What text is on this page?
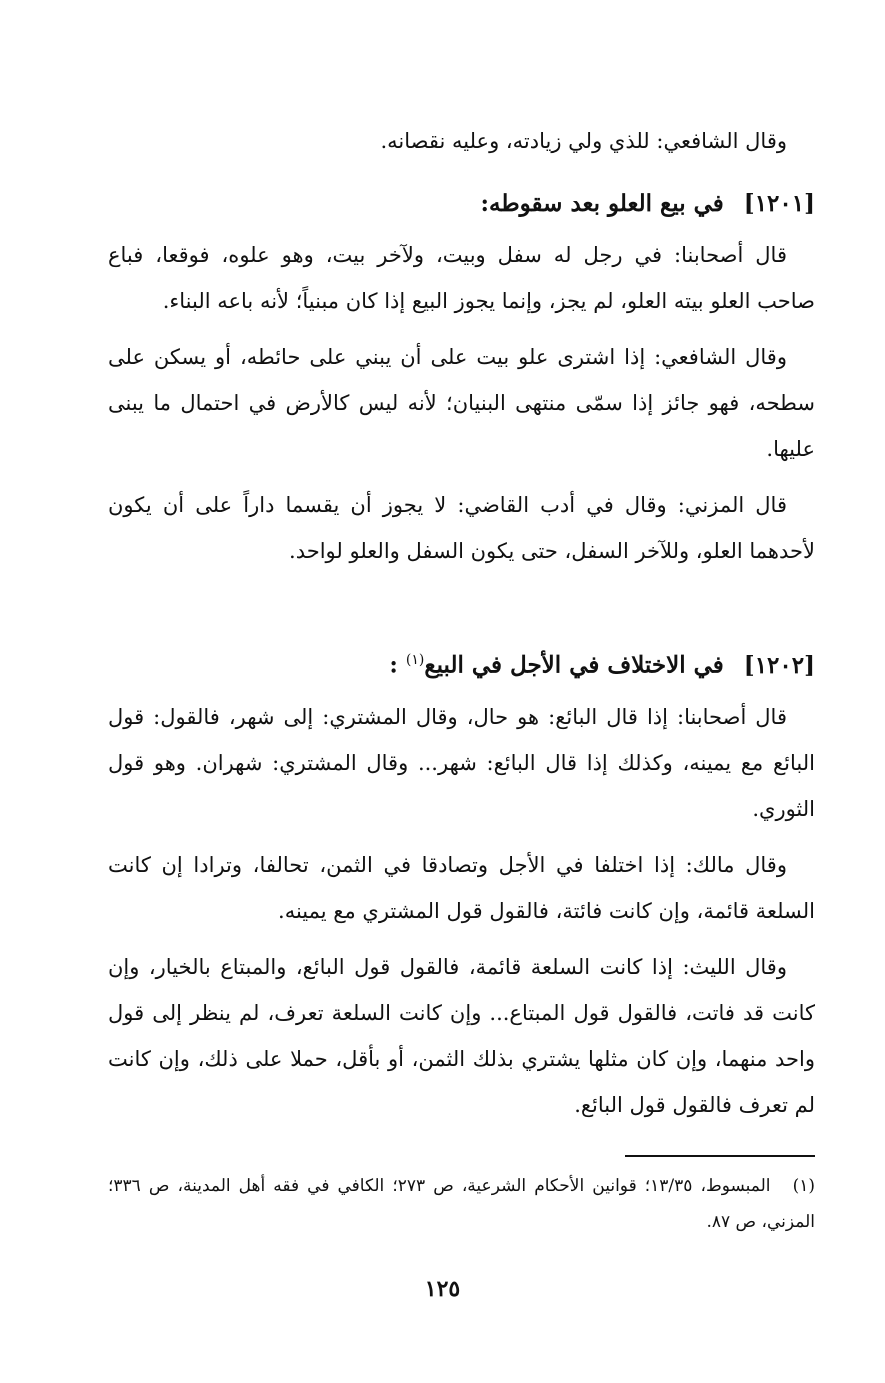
وقال الشافعي: للذي ولي زيادته، وعليه نقصانه.

[١٢٠١] في بيع العلو بعد سقوطه:

قال أصحابنا: في رجل له سفل وبيت، ولآخر بيت، وهو علوه، فوقعا، فباع صاحب العلو بيته العلو، لم يجز، وإنما يجوز البيع إذا كان مبنياً؛ لأنه باعه البناء.

وقال الشافعي: إذا اشترى علو بيت على أن يبني على حائطه، أو يسكن على سطحه، فهو جائز إذا سمّى منتهى البنيان؛ لأنه ليس كالأرض في احتمال ما يبنى عليها.

قال المزني: وقال في أدب القاضي: لا يجوز أن يقسما داراً على أن يكون لأحدهما العلو، وللآخر السفل، حتى يكون السفل والعلو لواحد.

[١٢٠٢] في الاختلاف في الأجل في البيع$^{(١)}$ :

قال أصحابنا: إذا قال البائع: هو حال، وقال المشتري: إلى شهر، فالقول: قول البائع مع يمينه، وكذلك إذا قال البائع: شهر... وقال المشتري: شهران. وهو قول الثوري.

وقال مالك: إذا اختلفا في الأجل وتصادقا في الثمن، تحالفا، وترادا إن كانت السلعة قائمة، وإن كانت فائتة، فالقول قول المشتري مع يمينه.

وقال الليث: إذا كانت السلعة قائمة، فالقول قول البائع، والمبتاع بالخيار، وإن كانت قد فاتت، فالقول قول المبتاع... وإن كانت السلعة تعرف، لم ينظر إلى قول واحد منهما، وإن كان مثلها يشتري بذلك الثمن، أو بأقل، حملا على ذلك، وإن كانت لم تعرف فالقول قول البائع.

(١) المبسوط، ١٣/٣٥؛ قوانين الأحكام الشرعية، ص ٢٧٣؛ الكافي في فقه أهل المدينة، ص ٣٣٦؛ المزني، ص ٨٧.

١٢٥
